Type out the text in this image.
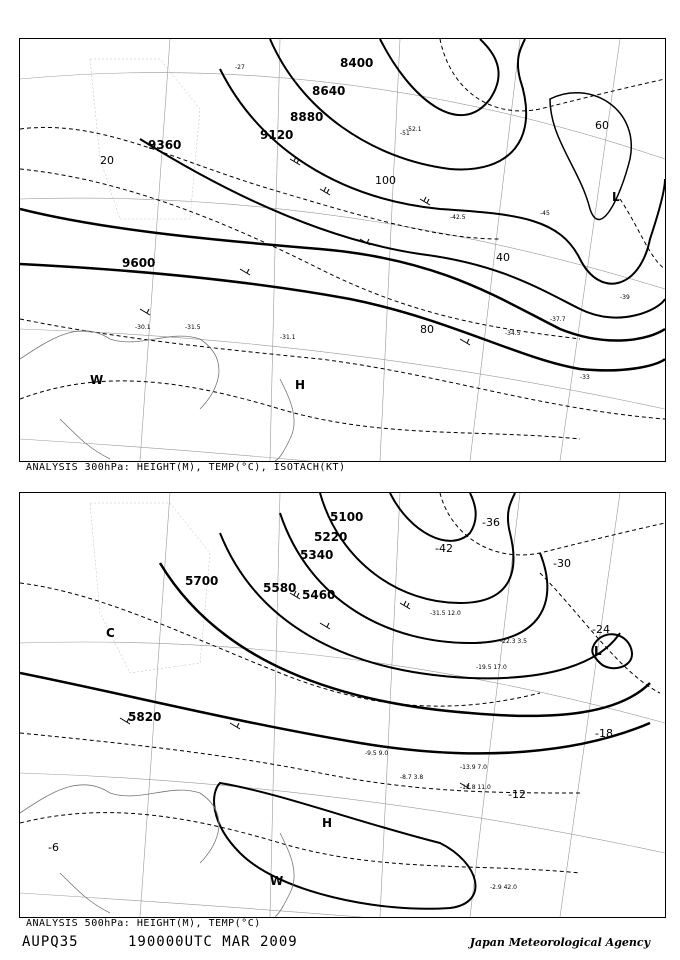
8400
8640
8880
9120
9360
9600
20
40
60
80
100
H
L
W
-51
-52.1
-45
-42.5
-39
-37.7
-34.5
-33
-31.5
-31.1
-30.1
-27
ANALYSIS 300hPa: HEIGHT(M), TEMP(°C), ISOTACH(KT)
5100
5220
5340
5460
5580
5700
5820
-42
-36
-30
-24
-18
-12
-6
H
L
C
W
-31.5 12.0
-22.3 3.5
-19.5 17.0
-13.9 7.0
-12.8 11.0
-9.5 9.0
-8.7 3.8
-2.9 42.0
ANALYSIS 500hPa: HEIGHT(M), TEMP(°C)
AUPQ35	190000UTC MAR 2009	Japan Meteorological Agency
